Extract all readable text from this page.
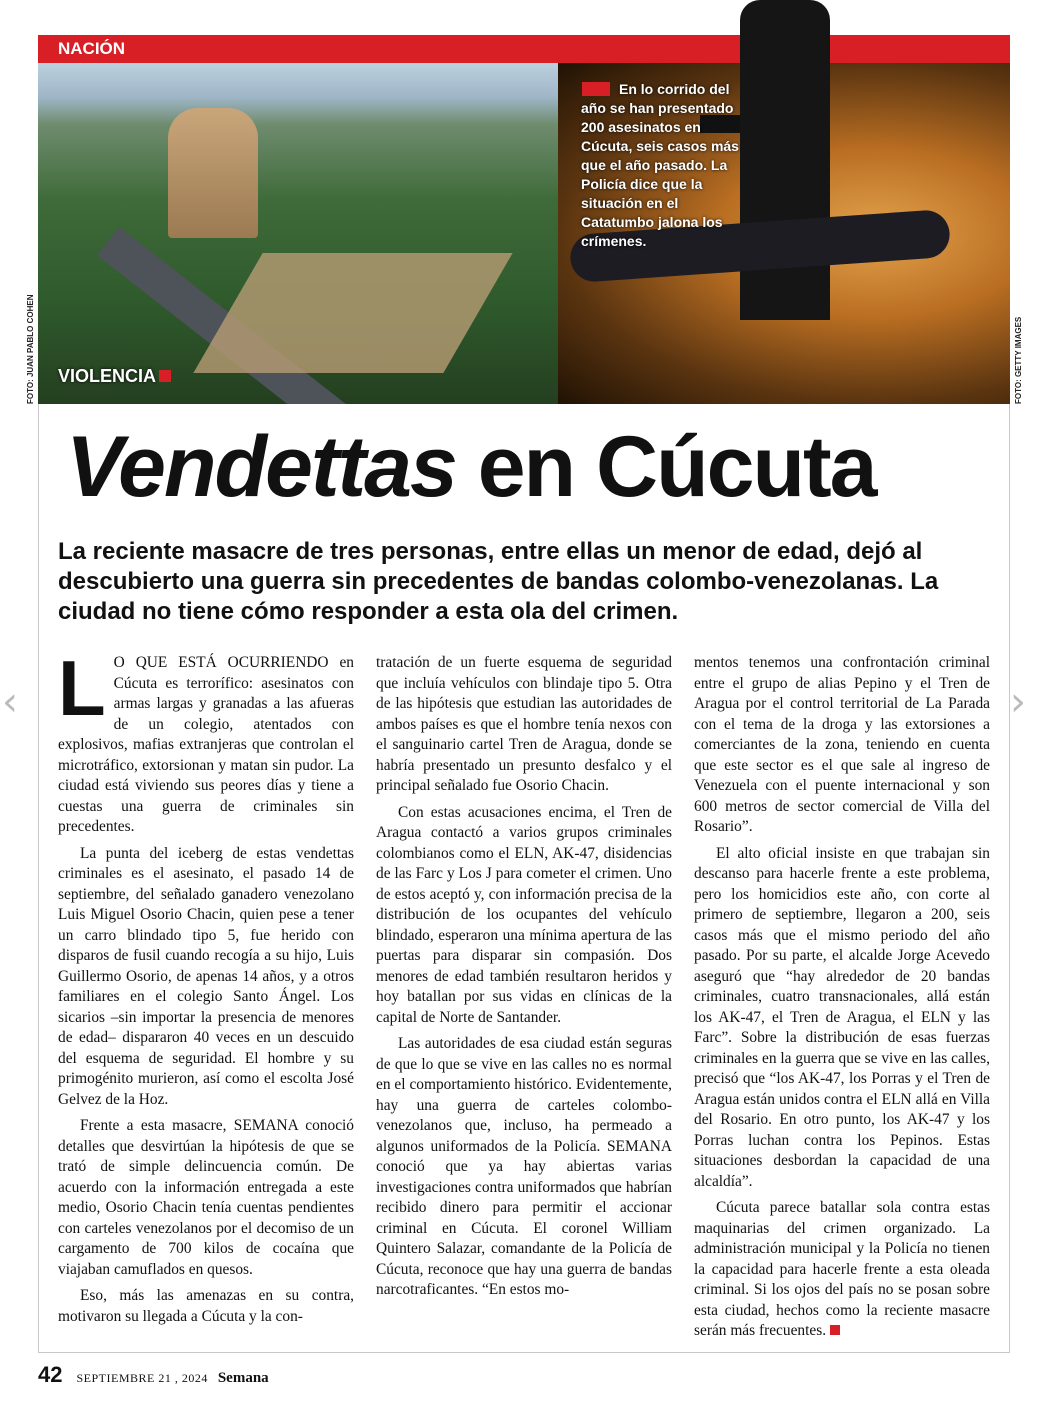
NACIÓN
En lo corrido del año se han presentado 200 asesinatos en Cúcuta, seis casos más que el año pasado. La Policía dice que la situación en el Catatumbo jalona los crímenes.
VIOLENCIA
FOTO: JUAN PABLO COHEN	FOTO: GETTY IMAGES
Vendettas en Cúcuta
La reciente masacre de tres personas, entre ellas un menor de edad, dejó al descubierto una guerra sin precedentes de bandas colombo-venezolanas. La ciudad no tiene cómo responder a esta ola del crimen.
L O QUE ESTÁ OCURRIENDO en Cúcuta es terrorífico: asesinatos con armas largas y granadas a las afueras de un colegio, atentados con explosivos, mafias extranjeras que controlan el microtráfico, extorsionan y matan sin pudor. La ciudad está viviendo sus peores días y tiene a cuestas una guerra de criminales sin precedentes.

La punta del iceberg de estas vendettas criminales es el asesinato, el pasado 14 de septiembre, del señalado ganadero venezolano Luis Miguel Osorio Chacin, quien pese a tener un carro blindado tipo 5, fue herido con disparos de fusil cuando recogía a su hijo, Luis Guillermo Osorio, de apenas 14 años, y a otros familiares en el colegio Santo Ángel. Los sicarios –sin importar la presencia de menores de edad– dispararon 40 veces en un descuido del esquema de seguridad. El hombre y su primogénito murieron, así como el escolta José Gelvez de la Hoz.

Frente a esta masacre, SEMANA conoció detalles que desvirtúan la hipótesis de que se trató de simple delincuencia común. De acuerdo con la información entregada a este medio, Osorio Chacin tenía cuentas pendientes con carteles venezolanos por el decomiso de un cargamento de 700 kilos de cocaína que viajaban camuflados en quesos.

Eso, más las amenazas en su contra, motivaron su llegada a Cúcuta y la con-

tratación de un fuerte esquema de seguridad que incluía vehículos con blindaje tipo 5. Otra de las hipótesis que estudian las autoridades de ambos países es que el hombre tenía nexos con el sanguinario cartel Tren de Aragua, donde se habría presentado un presunto desfalco y el principal señalado fue Osorio Chacin.

Con estas acusaciones encima, el Tren de Aragua contactó a varios grupos criminales colombianos como el ELN, AK-47, disidencias de las Farc y Los J para cometer el crimen. Uno de estos aceptó y, con información precisa de la distribución de los ocupantes del vehículo blindado, esperaron una mínima apertura de las puertas para disparar sin compasión. Dos menores de edad también resultaron heridos y hoy batallan por sus vidas en clínicas de la capital de Norte de Santander.

Las autoridades de esa ciudad están seguras de que lo que se vive en las calles no es normal en el comportamiento histórico. Evidentemente, hay una guerra de carteles colombo-venezolanos que, incluso, ha permeado a algunos uniformados de la Policía. SEMANA conoció que ya hay abiertas varias investigaciones contra uniformados que habrían recibido dinero para permitir el accionar criminal en Cúcuta. El coronel William Quintero Salazar, comandante de la Policía de Cúcuta, reconoce que hay una guerra de bandas narcotraficantes. “En estos mo-

mentos tenemos una confrontación criminal entre el grupo de alias Pepino y el Tren de Aragua por el control territorial de La Parada con el tema de la droga y las extorsiones a comerciantes de la zona, teniendo en cuenta que este sector es el que sale al ingreso de Venezuela con el puente internacional y son 600 metros de sector comercial de Villa del Rosario”.

El alto oficial insiste en que trabajan sin descanso para hacerle frente a este problema, pero los homicidios este año, con corte al primero de septiembre, llegaron a 200, seis casos más que el mismo periodo del año pasado. Por su parte, el alcalde Jorge Acevedo aseguró que “hay alrededor de 20 bandas criminales, cuatro transnacionales, allá están los AK-47, el Tren de Aragua, el ELN y las Farc”. Sobre la distribución de esas fuerzas criminales en la guerra que se vive en las calles, precisó que “los AK-47, los Porras y el Tren de Aragua están unidos contra el ELN allá en Villa del Rosario. En otro punto, los AK-47 y los Porras luchan contra los Pepinos. Estas situaciones desbordan la capacidad de una alcaldía”.

Cúcuta parece batallar sola contra estas maquinarias del crimen organizado. La administración municipal y la Policía no tienen la capacidad para hacerle frente a esta oleada criminal. Si los ojos del país no se posan sobre esta ciudad, hechos como la reciente masacre serán más frecuentes.

‹	›
42 SEPTIEMBRE 21 , 2024 Semana
